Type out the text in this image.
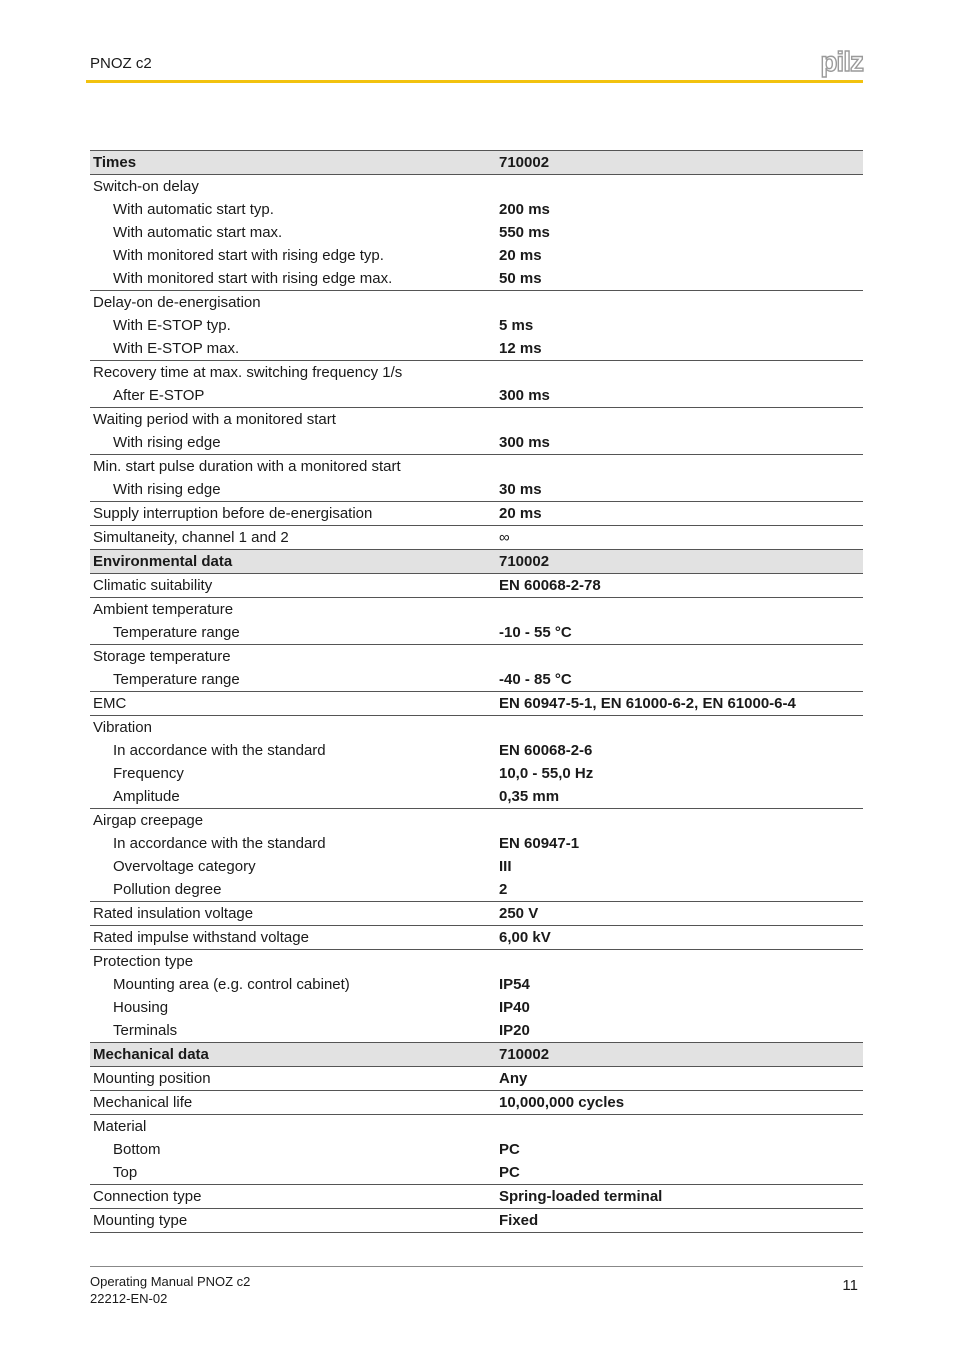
PNOZ c2	pilz
Times	710002
Switch-on delay	
With automatic start typ.	200 ms
With automatic start max.	550 ms
With monitored start with rising edge typ.	20 ms
With monitored start with rising edge max.	50 ms
Delay-on de-energisation	
With E-STOP typ.	5 ms
With E-STOP max.	12 ms
Recovery time at max. switching frequency 1/s	
After E-STOP	300 ms
Waiting period with a monitored start	
With rising edge	300 ms
Min. start pulse duration with a monitored start	
With rising edge	30 ms
Supply interruption before de-energisation	20 ms
Simultaneity, channel 1 and 2	∞
Environmental data	710002
Climatic suitability	EN 60068-2-78
Ambient temperature	
Temperature range	-10 - 55 °C
Storage temperature	
Temperature range	-40 - 85 °C
EMC	EN 60947-5-1, EN 61000-6-2, EN 61000-6-4
Vibration	
In accordance with the standard	EN 60068-2-6
Frequency	10,0 - 55,0 Hz
Amplitude	0,35 mm
Airgap creepage	
In accordance with the standard	EN 60947-1
Overvoltage category	III
Pollution degree	2
Rated insulation voltage	250 V
Rated impulse withstand voltage	6,00 kV
Protection type	
Mounting area (e.g. control cabinet)	IP54
Housing	IP40
Terminals	IP20
Mechanical data	710002
Mounting position	Any
Mechanical life	10,000,000 cycles
Material	
Bottom	PC
Top	PC
Connection type	Spring-loaded terminal
Mounting type	Fixed
Operating Manual PNOZ c2
22212-EN-02
11
